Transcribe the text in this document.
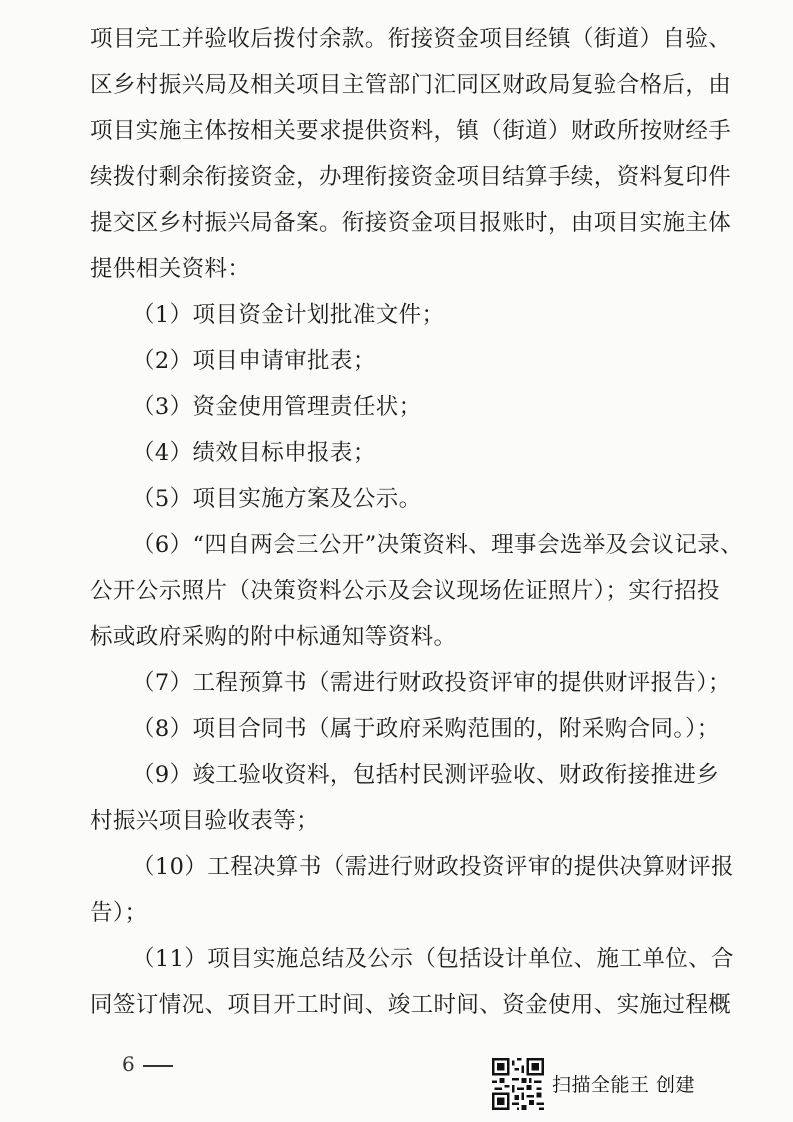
项目完工并验收后拨付余款。衔接资金项目经镇（街道）自验、
区乡村振兴局及相关项目主管部门汇同区财政局复验合格后，由
项目实施主体按相关要求提供资料，镇（街道）财政所按财经手
续拨付剩余衔接资金，办理衔接资金项目结算手续，资料复印件
提交区乡村振兴局备案。衔接资金项目报账时，由项目实施主体
提供相关资料：
（1）项目资金计划批准文件；
（2）项目申请审批表；
（3）资金使用管理责任状；
（4）绩效目标申报表；
（5）项目实施方案及公示。
（6）“四自两会三公开”决策资料、理事会选举及会议记录、
公开公示照片（决策资料公示及会议现场佐证照片）；实行招投
标或政府采购的附中标通知等资料。
（7）工程预算书（需进行财政投资评审的提供财评报告）；
（8）项目合同书（属于政府采购范围的，附采购合同。）；
（9）竣工验收资料，包括村民测评验收、财政衔接推进乡
村振兴项目验收表等；
（10）工程决算书（需进行财政投资评审的提供决算财评报
告）；
（11）项目实施总结及公示（包括设计单位、施工单位、合
同签订情况、项目开工时间、竣工时间、资金使用、实施过程概
6
扫描全能王 创建
